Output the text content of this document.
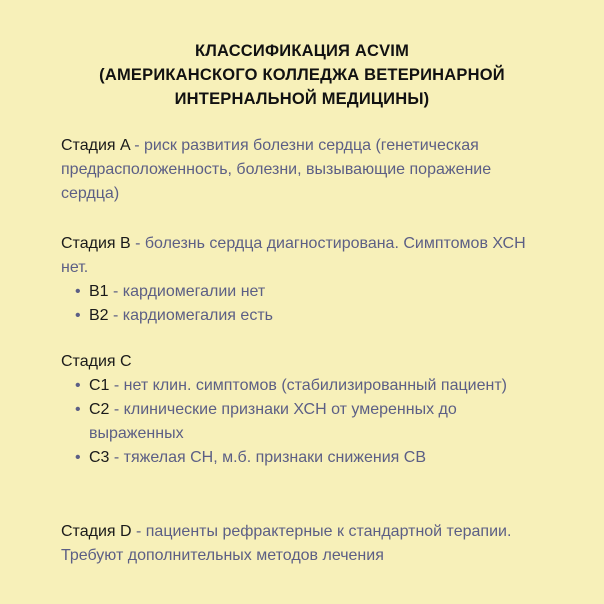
КЛАССИФИКАЦИЯ ACVIM
(АМЕРИКАНСКОГО КОЛЛЕДЖА ВЕТЕРИНАРНОЙ
ИНТЕРНАЛЬНОЙ МЕДИЦИНЫ)

Стадия A - риск развития болезни сердца (генетическая предрасположенность, болезни, вызывающие поражение сердца)

Стадия B - болезнь сердца диагностирована. Симптомов ХСН нет.

• B1 - кардиомегалии нет
• B2 - кардиомегалия есть

Стадия C

• C1 - нет клин. симптомов (стабилизированный пациент)
• C2 - клинические признаки ХСН от умеренных до выраженных
• C3 - тяжелая СН, м.б. признаки снижения СВ

Стадия D - пациенты рефрактерные к стандартной терапии. Требуют дополнительных методов лечения
